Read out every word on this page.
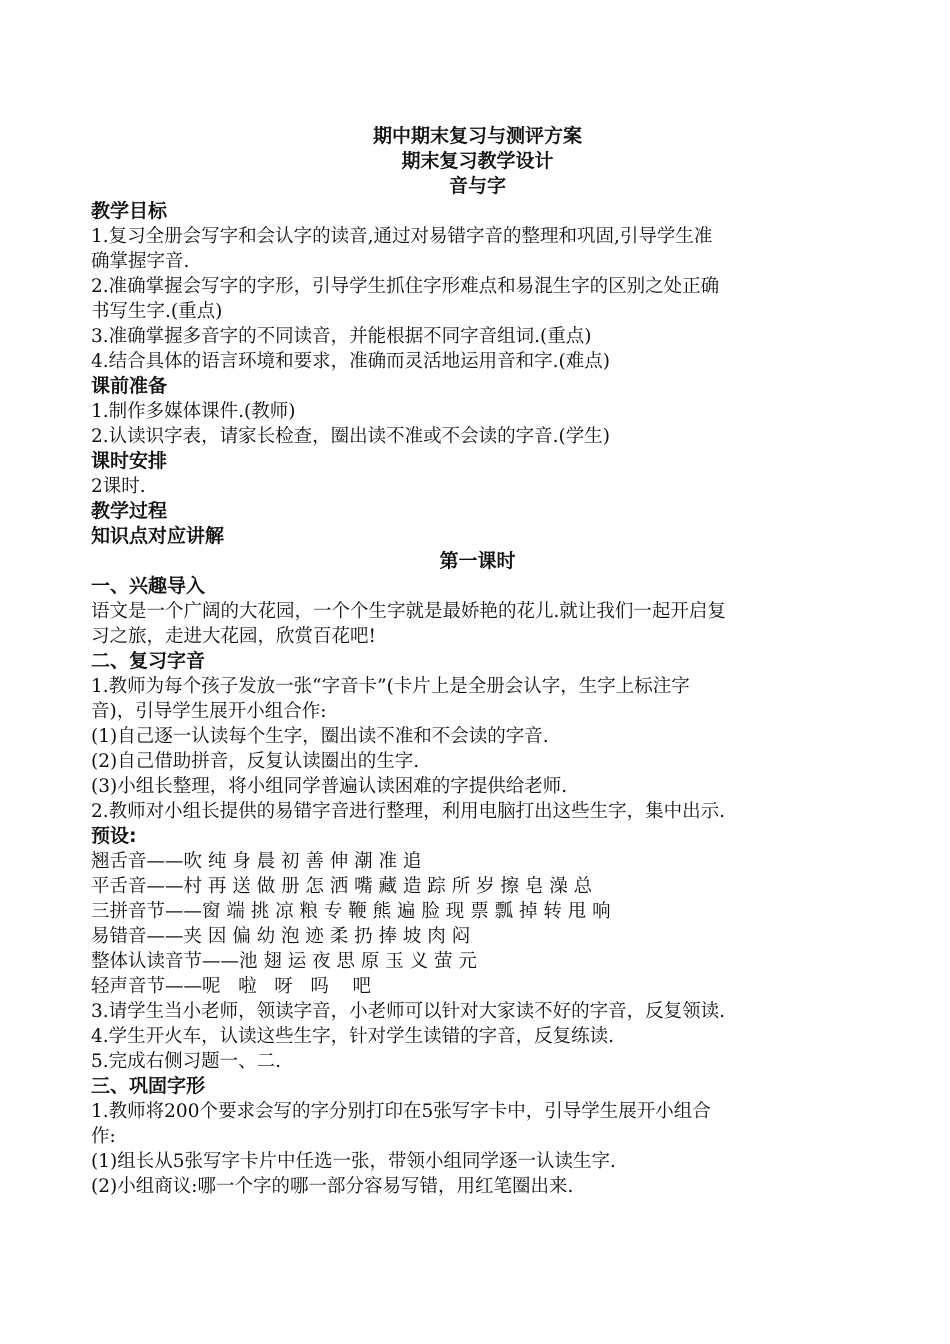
期中期末复习与测评方案
期末复习教学设计
音与字
教学目标
1.复习全册会写字和会认字的读音,通过对易错字音的整理和巩固,引导学生准
确掌握字音.
2.准确掌握会写字的字形，引导学生抓住字形难点和易混生字的区别之处正确
书写生字.(重点)
3.准确掌握多音字的不同读音，并能根据不同字音组词.(重点)
4.结合具体的语言环境和要求，准确而灵活地运用音和字.(难点)
课前准备
1.制作多媒体课件.(教师)
2.认读识字表，请家长检查，圈出读不准或不会读的字音.(学生)
课时安排
2课时.
教学过程
知识点对应讲解
第一课时
一、兴趣导入
语文是一个广阔的大花园，一个个生字就是最娇艳的花儿.就让我们一起开启复
习之旅，走进大花园，欣赏百花吧!
二、复习字音
1.教师为每个孩子发放一张“字音卡”(卡片上是全册会认字，生字上标注字
音)，引导学生展开小组合作:
(1)自己逐一认读每个生字，圈出读不准和不会读的字音.
(2)自己借助拼音，反复认读圈出的生字.
(3)小组长整理，将小组同学普遍认读困难的字提供给老师.
2.教师对小组长提供的易错字音进行整理，利用电脑打出这些生字，集中出示.
预设:
翘舌音——吹 纯 身 晨 初 善 伸 潮 准 追
平舌音——村 再 送 做 册 怎 洒 嘴 藏 造 踪 所 岁 擦 皂 澡 总
三拼音节——窗 端 挑 凉 粮 专 鞭 熊 遍 脸 现 票 瓢 掉 转 甩 响
易错音——夹 因 偏 幼 泡 迹 柔 扔 捧 坡 肉 闷
整体认读音节——池 翅 运 夜 思 原 玉 义 萤 元
轻声音节——呢   啦   呀   吗    吧
3.请学生当小老师，领读字音，小老师可以针对大家读不好的字音，反复领读.
4.学生开火车，认读这些生字，针对学生读错的字音，反复练读.
5.完成右侧习题一、二.
三、巩固字形
1.教师将200个要求会写的字分别打印在5张写字卡中，引导学生展开小组合
作:
(1)组长从5张写字卡片中任选一张，带领小组同学逐一认读生字.
(2)小组商议:哪一个字的哪一部分容易写错，用红笔圈出来.
